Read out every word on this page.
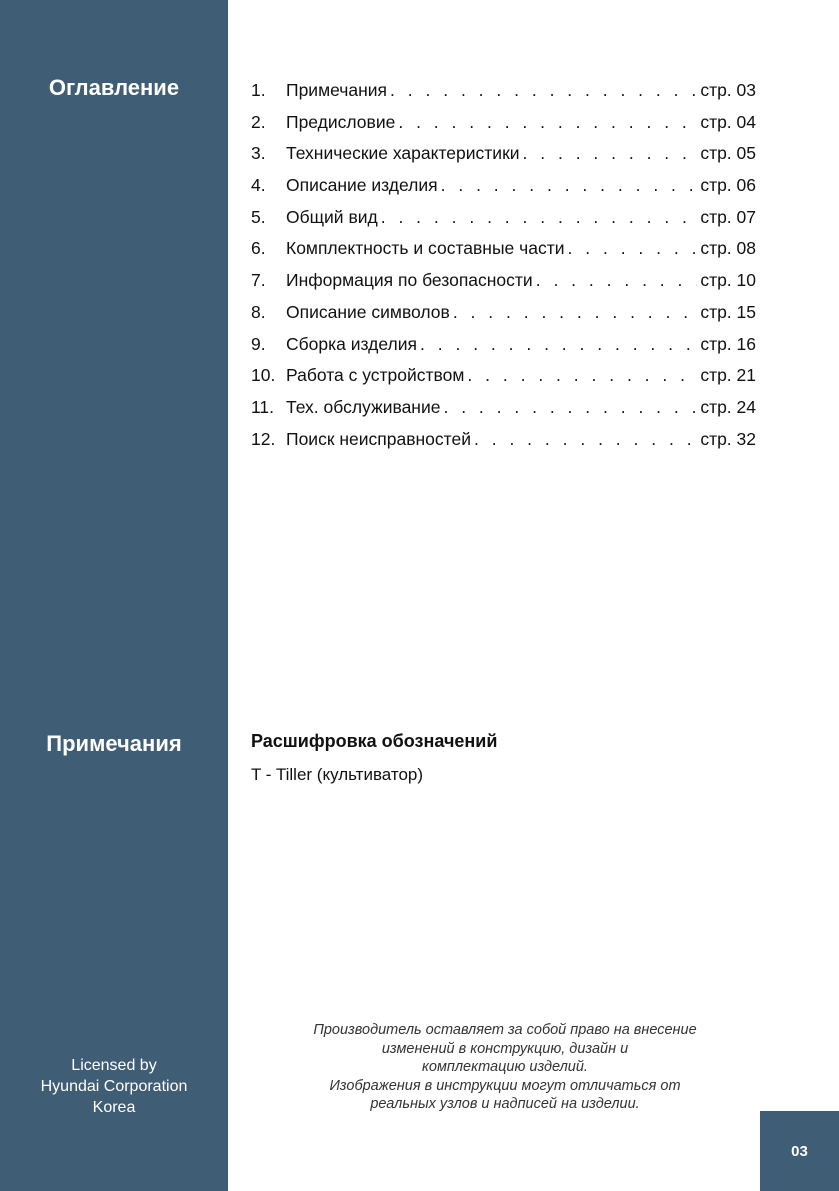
Оглавление
Примечания
Licensed by
Hyundai Corporation
Korea
1.	Примечания . . .	стр. 03
2.	Предисловие . . .	стр. 04
3.	Технические характеристики . . .	стр. 05
4.	Описание изделия . . .	стр. 06
5.	Общий вид . . .	стр. 07
6.	Комплектность и составные части . . .	стр. 08
7.	Информация по безопасности . . .	стр. 10
8.	Описание символов . . .	стр. 15
9.	Сборка изделия . . .	стр. 16
10. Работа с устройством . . .	стр. 21
11. Тех. обслуживание . . .	стр. 24
12. Поиск неисправностей . . .	стр. 32
Расшифровка обозначений
T - Tiller (культиватор)
Производитель оставляет за собой право на внесение
изменений в конструкцию, дизайн и
комплектацию изделий.
Изображения в инструкции могут отличаться от
реальных узлов и надписей на изделии.
03
